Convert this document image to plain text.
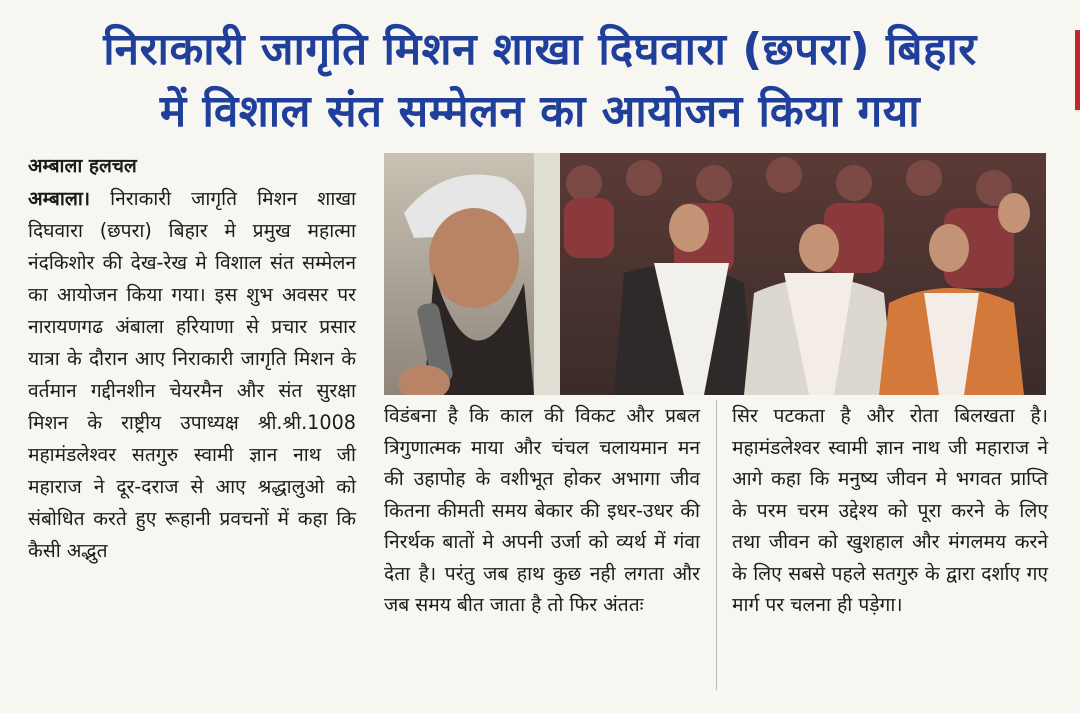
निराकारी जागृति मिशन शाखा दिघवारा (छपरा) बिहार
में विशाल संत सम्मेलन का आयोजन किया गया

अम्बाला हलचल

अम्बाला। निराकारी जागृति मिशन शाखा दिघवारा (छपरा) बिहार मे प्रमुख महात्मा नंदकिशोर की देख-रेख मे विशाल संत सम्मेलन का आयोजन किया गया। इस शुभ अवसर पर नारायणगढ अंबाला हरियाणा से प्रचार प्रसार यात्रा के दौरान आए निराकारी जागृति मिशन के वर्तमान गद्दीनशीन चेयरमैन और संत सुरक्षा मिशन के राष्ट्रीय उपाध्यक्ष श्री.श्री.1008 महामंडलेश्वर सतगुरु स्वामी ज्ञान नाथ जी महाराज ने दूर-दराज से आए श्रद्धालुओ को संबोधित करते हुए रूहानी प्रवचनों में कहा कि कैसी अद्भुत

विडंबना है कि काल की विकट और प्रबल त्रिगुणात्मक माया और चंचल चलायमान मन की उहापोह के वशीभूत होकर अभागा जीव कितना कीमती समय बेकार की इधर-उधर की निरर्थक बातों मे अपनी उर्जा को व्यर्थ में गंवा देता है। परंतु जब हाथ कुछ नही लगता और जब समय बीत जाता है तो फिर अंततः

सिर पटकता है और रोता बिलखता है। महामंडलेश्वर स्वामी ज्ञान नाथ जी महाराज ने आगे कहा कि मनुष्य जीवन मे भगवत प्राप्ति के परम चरम उद्देश्य को पूरा करने के लिए तथा जीवन को खुशहाल और मंगलमय करने के लिए सबसे पहले सतगुरु के द्वारा दर्शाए गए मार्ग पर चलना ही पड़ेगा।
